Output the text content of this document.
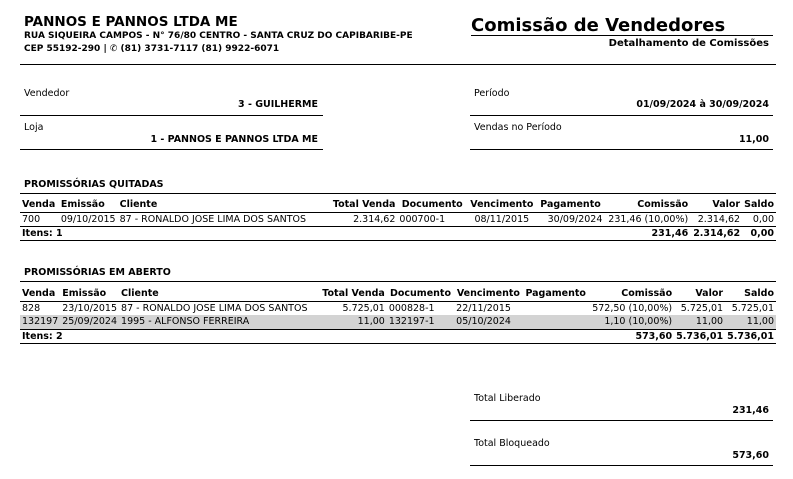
PANNOS E PANNOS LTDA ME
RUA SIQUEIRA CAMPOS - N° 76/80 CENTRO - SANTA CRUZ DO CAPIBARIBE-PE
CEP 55192-290 | ✆ (81) 3731-7117 (81) 9922-6071
Comissão de Vendedores
Detalhamento de Comissões
Vendedor
3 - GUILHERME
Período
01/09/2024 à 30/09/2024
Loja
1 - PANNOS E PANNOS LTDA ME
Vendas no Período
11,00
PROMISSÓRIAS QUITADAS
Venda	Emissão	Cliente	Total Venda	Documento	Vencimento	Pagamento	Comissão	Valor	Saldo
700	09/10/2015	87 - RONALDO JOSE LIMA DOS SANTOS	2.314,62	000700-1	08/11/2015	30/09/2024	231,46 (10,00%)	2.314,62	0,00
Itens: 1							231,46	2.314,62	0,00
PROMISSÓRIAS EM ABERTO
Venda	Emissão	Cliente	Total Venda	Documento	Vencimento	Pagamento	Comissão	Valor	Saldo
828	23/10/2015	87 - RONALDO JOSE LIMA DOS SANTOS	5.725,01	000828-1	22/11/2015		572,50 (10,00%)	5.725,01	5.725,01
132197	25/09/2024	1995 - ALFONSO FERREIRA	11,00	132197-1	05/10/2024		1,10 (10,00%)	11,00	11,00
Itens: 2							573,60	5.736,01	5.736,01
Total Liberado
231,46
Total Bloqueado
573,60
